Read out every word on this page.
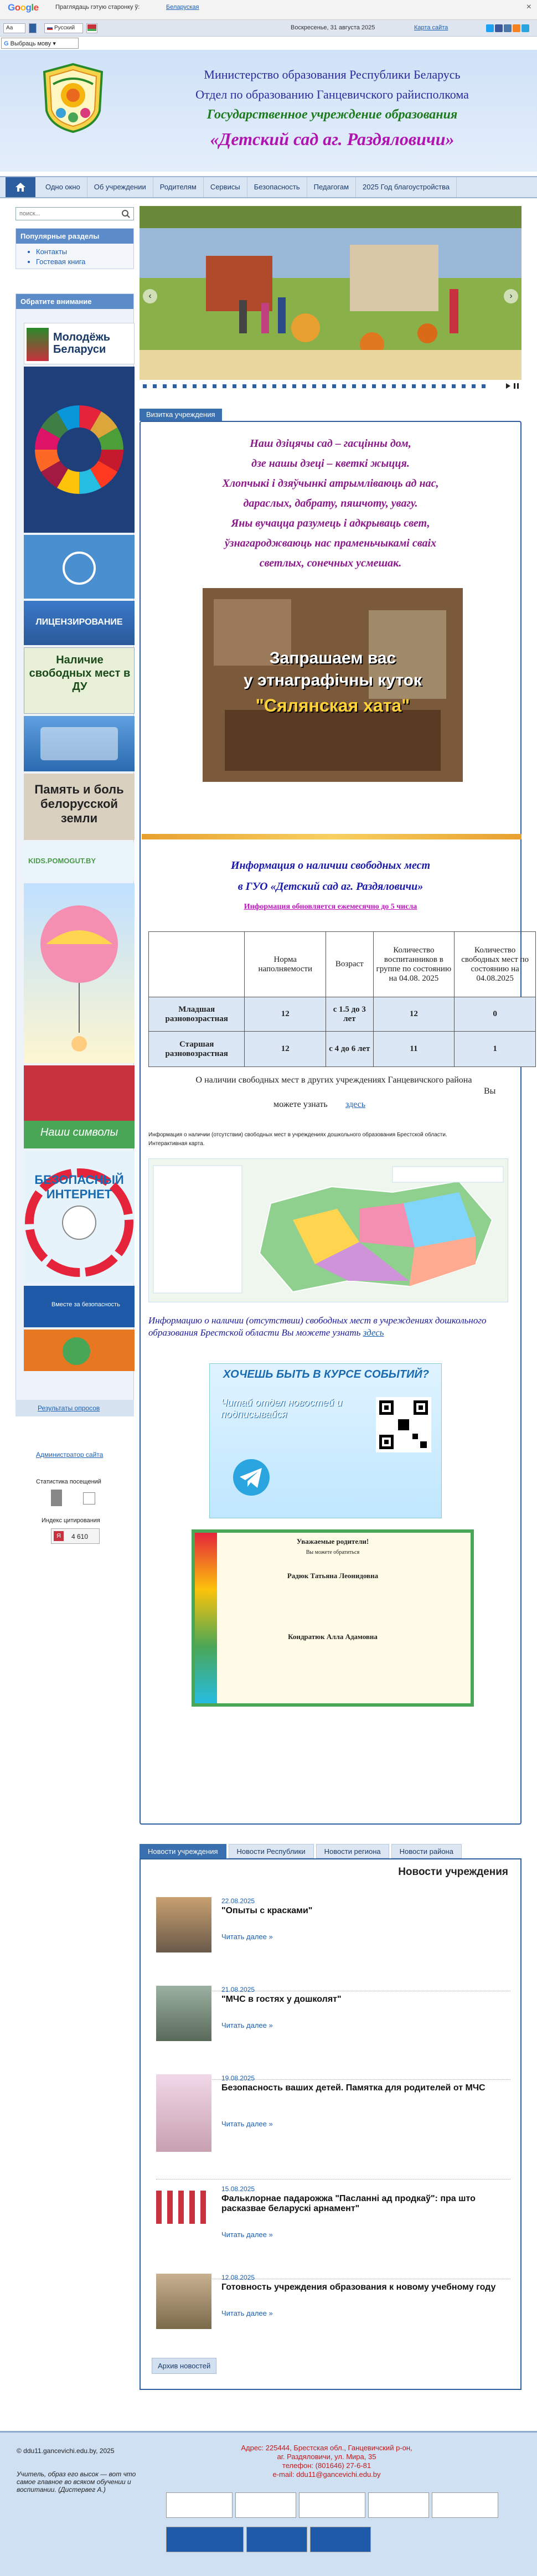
Google	Праглядаць гэтую старонку ў:	Беларуская	×
Аа	Русский	Воскресенье, 31 августа 2025	Карта сайта
G Выбраць мову ▾
Министерство образования Республики Беларусь
Отдел по образованию Ганцевичского райисполкома
Государственное учреждение образования
«Детский сад аг. Раздяловичи»
Одно окно	Об учреждении	Родителям	Сервисы	Безопасность	Педагогам	2025 Год благоустройства
поиск...
Популярные разделы
• Контакты
• Гостевая книга
Обратите внимание
Молодёжь Беларуси
ЛИЦЕНЗИРОВАНИЕ
Наличие свободных мест в ДУ
Память и боль белорусской земли
KIDS.POMOGUT.BY
Наши символы
БЕЗОПАСНЫЙ ИНТЕРНЕТ
Вместе за безопасность
Результаты опросов
Администратор сайта
Статистика посещений
Индекс цитирования
Я	4 610
‹	›
Визитка учреждения
Наш дзіцячы сад – гасцінны дом,
дзе нашы дзеці – кветкі жыцця.
Хлопчыкі і дзяўчынкі атрымліваюць ад нас,
дараслых, дабрату, пяшчоту, увагу.
Яны вучацца разумець і адкрываць свет,
ўзнагароджваюць нас праменьчыкамі сваіх
светлых, сонечных усмешак.
Запрашаем вас
у этнаграфічны куток
"Сялянская хата"
Информация о наличии свободных мест
в ГУО «Детский сад аг. Раздяловичи»
Информация обновляется ежемесячно до 5 числа
	Норма наполняемости	Возраст	Количество воспитанников в группе по состоянию на 04.08. 2025	Количество свободных мест по состоянию на 04.08.2025
Младшая разновозрастная	12	с 1.5 до 3 лет	12	0
Старшая разновозрастная	12	с 4 до 6 лет	11	1
О наличии свободных мест в других учреждениях Ганцевичского района
Вы
можете узнать здесь
Информация о наличии (отсутствии) свободных мест в учреждениях дошкольного образования Брестской области.
Интерактивная карта.
Информацию о наличии (отсутствии) свободных мест в учреждениях дошкольного образования Брестской области Вы можете узнать здесь
ХОЧЕШЬ БЫТЬ В КУРСЕ СОБЫТИЙ?
Читай отдел новостей и подписывайся
Уважаемые родители!
Вы можете обратиться
Радюк Татьяна Леонидовна
Кондратюк Алла Адамовна
Новости учреждения	Новости Республики	Новости региона	Новости района
Новости учреждения
22.08.2025
"Опыты с красками"
Читать далее »
21.08.2025
"МЧС в гостях у дошколят"
Читать далее »
19.08.2025
Безопасность ваших детей. Памятка для родителей от МЧС
Читать далее »
15.08.2025
Фальклорнае падарожжа "Пасланні ад продкаў": пра што расказвае беларускі арнамент"
Читать далее »
12.08.2025
Готовность учреждения образования к новому учебному году
Читать далее »
Архив новостей
© ddu11.gancevichi.edu.by, 2025
Учитель, образ его высок — вот что самое главное во всяком обучении и воспитании. (Дистервег А.)
Адрес: 225444, Брестская обл., Ганцевичский р-он,
аг. Раздяловичи, ул. Мира, 35
телефон: (801646) 27-6-81
e-mail: ddu11@gancevichi.edu.by
